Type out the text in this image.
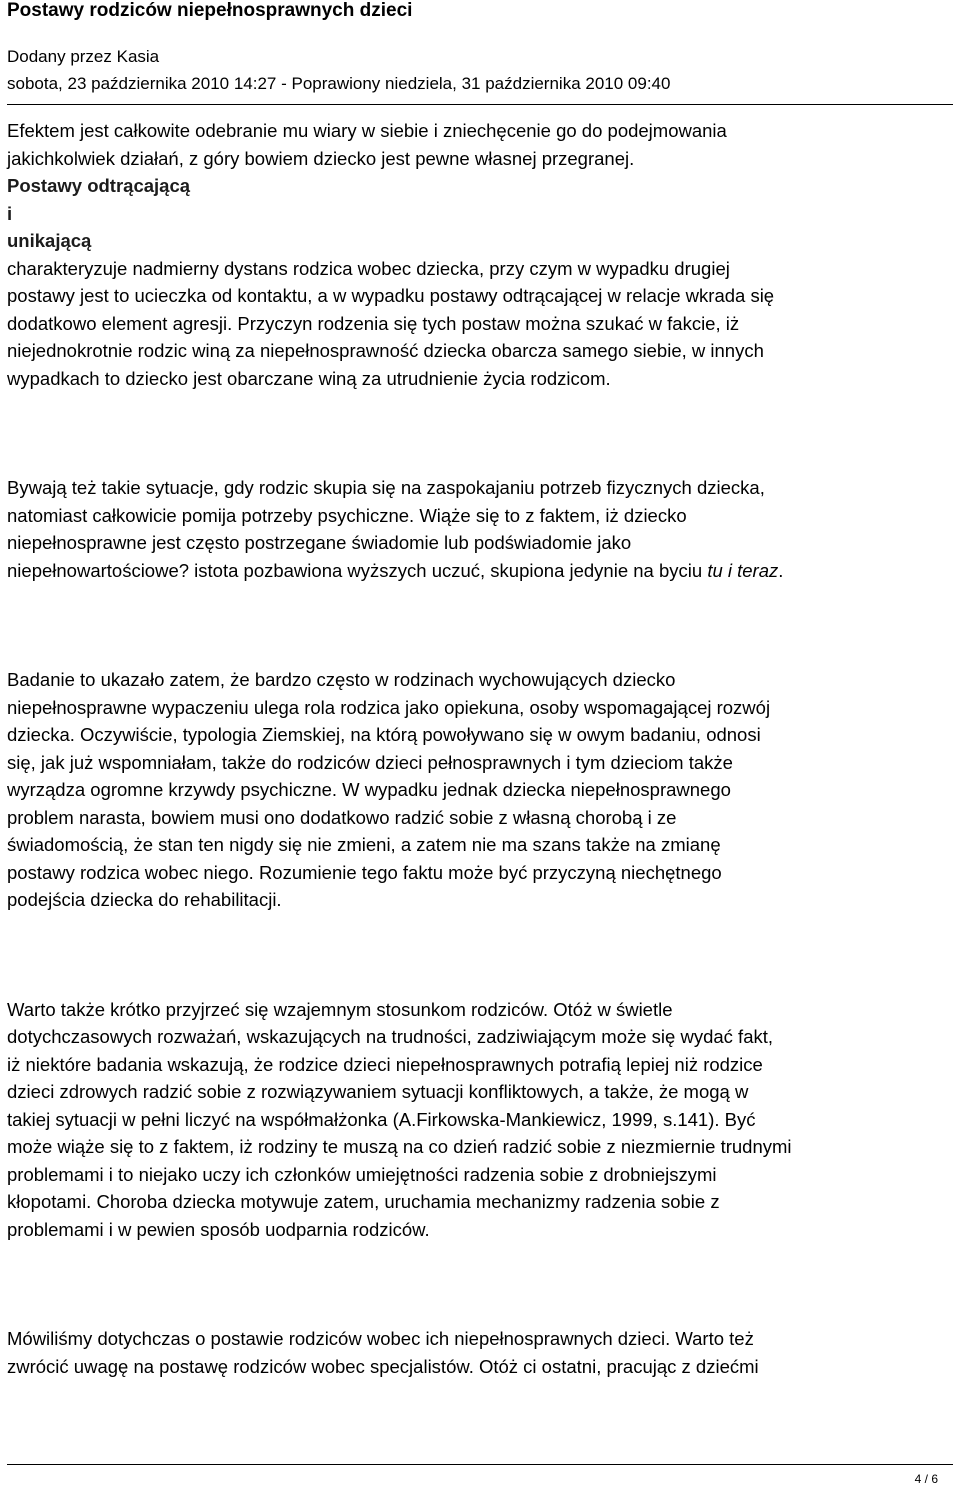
Postawy rodziców niepełnosprawnych dzieci
Dodany przez Kasia
sobota, 23 października 2010 14:27 - Poprawiony niedziela, 31 października 2010 09:40
Efektem jest całkowite odebranie mu wiary w siebie i zniechęcenie go do podejmowania
jakichkolwiek działań, z góry bowiem dziecko jest pewne własnej przegranej.
Postawy odtrącającą
i
unikającą
charakteryzuje nadmierny dystans rodzica wobec dziecka, przy czym w wypadku drugiej
postawy jest to ucieczka od kontaktu, a w wypadku postawy odtrącającej w relacje wkrada się
dodatkowo element agresji. Przyczyn rodzenia się tych postaw można szukać w fakcie, iż
niejednokrotnie rodzic winą za niepełnosprawność dziecka obarcza samego siebie, w innych
wypadkach to dziecko jest obarczane winą za utrudnienie życia rodzicom.
Bywają też takie sytuacje, gdy rodzic skupia się na zaspokajaniu potrzeb fizycznych dziecka,
natomiast całkowicie pomija potrzeby psychiczne. Wiąże się to z faktem, iż dziecko
niepełnosprawne jest często postrzegane świadomie lub podświadomie jako
niepełnowartościowe? istota pozbawiona wyższych uczuć, skupiona jedynie na byciu tu i teraz.
Badanie to ukazało zatem, że bardzo często w rodzinach wychowujących dziecko
niepełnosprawne wypaczeniu ulega rola rodzica jako opiekuna, osoby wspomagającej rozwój
dziecka. Oczywiście, typologia Ziemskiej, na którą powoływano się w owym badaniu, odnosi
się, jak już wspomniałam, także do rodziców dzieci pełnosprawnych i tym dzieciom także
wyrządza ogromne krzywdy psychiczne. W wypadku jednak dziecka niepełnosprawnego
problem narasta, bowiem musi ono dodatkowo radzić sobie z własną chorobą i ze
świadomością, że stan ten nigdy się nie zmieni, a zatem nie ma szans także na zmianę
postawy rodzica wobec niego. Rozumienie tego faktu może być przyczyną niechętnego
podejścia dziecka do rehabilitacji.
Warto także krótko przyjrzeć się wzajemnym stosunkom rodziców. Otóż w świetle
dotychczasowych rozważań, wskazujących na trudności, zadziwiającym może się wydać fakt,
iż niektóre badania wskazują, że rodzice dzieci niepełnosprawnych potrafią lepiej niż rodzice
dzieci zdrowych radzić sobie z rozwiązywaniem sytuacji konfliktowych, a także, że mogą w
takiej sytuacji w pełni liczyć na współmałżonka (A.Firkowska-Mankiewicz, 1999, s.141). Być
może wiąże się to z faktem, iż rodziny te muszą na co dzień radzić sobie z niezmiernie trudnymi
problemami i to niejako uczy ich członków umiejętności radzenia sobie z drobniejszymi
kłopotami. Choroba dziecka motywuje zatem, uruchamia mechanizmy radzenia sobie z
problemami i w pewien sposób uodparnia rodziców.
Mówiliśmy dotychczas o postawie rodziców wobec ich niepełnosprawnych dzieci. Warto też
zwrócić uwagę na postawę rodziców wobec specjalistów. Otóż ci ostatni, pracując z dziećmi
4 / 6
